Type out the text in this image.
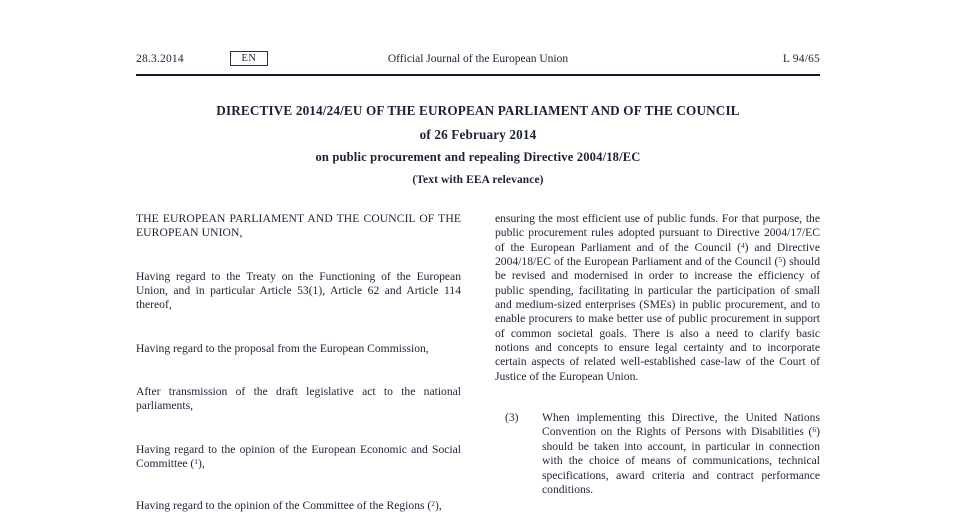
28.3.2014	EN	Official Journal of the European Union	L 94/65
DIRECTIVE 2014/24/EU OF THE EUROPEAN PARLIAMENT AND OF THE COUNCIL
of 26 February 2014
on public procurement and repealing Directive 2004/18/EC
(Text with EEA relevance)

THE EUROPEAN PARLIAMENT AND THE COUNCIL OF THE EUROPEAN UNION,

Having regard to the Treaty on the Functioning of the European Union, and in particular Article 53(1), Article 62 and Article 114 thereof,

Having regard to the proposal from the European Commission,

After transmission of the draft legislative act to the national parliaments,

Having regard to the opinion of the European Economic and Social Committee ($^1$),

Having regard to the opinion of the Committee of the Regions ($^2$),

ensuring the most efficient use of public funds. For that purpose, the public procurement rules adopted pursuant to Directive 2004/17/EC of the European Parliament and of the Council ($^4$) and Directive 2004/18/EC of the European Parliament and of the Council ($^5$) should be revised and modernised in order to increase the efficiency of public spending, facilitating in particular the participation of small and medium-sized enterprises (SMEs) in public procurement, and to enable procurers to make better use of public procurement in support of common societal goals. There is also a need to clarify basic notions and concepts to ensure legal certainty and to incorporate certain aspects of related well-established case-law of the Court of Justice of the European Union.

(3) When implementing this Directive, the United Nations Convention on the Rights of Persons with Disabilities ($^6$) should be taken into account, in particular in connection with the choice of means of communications, technical specifications, award criteria and contract performance conditions.
